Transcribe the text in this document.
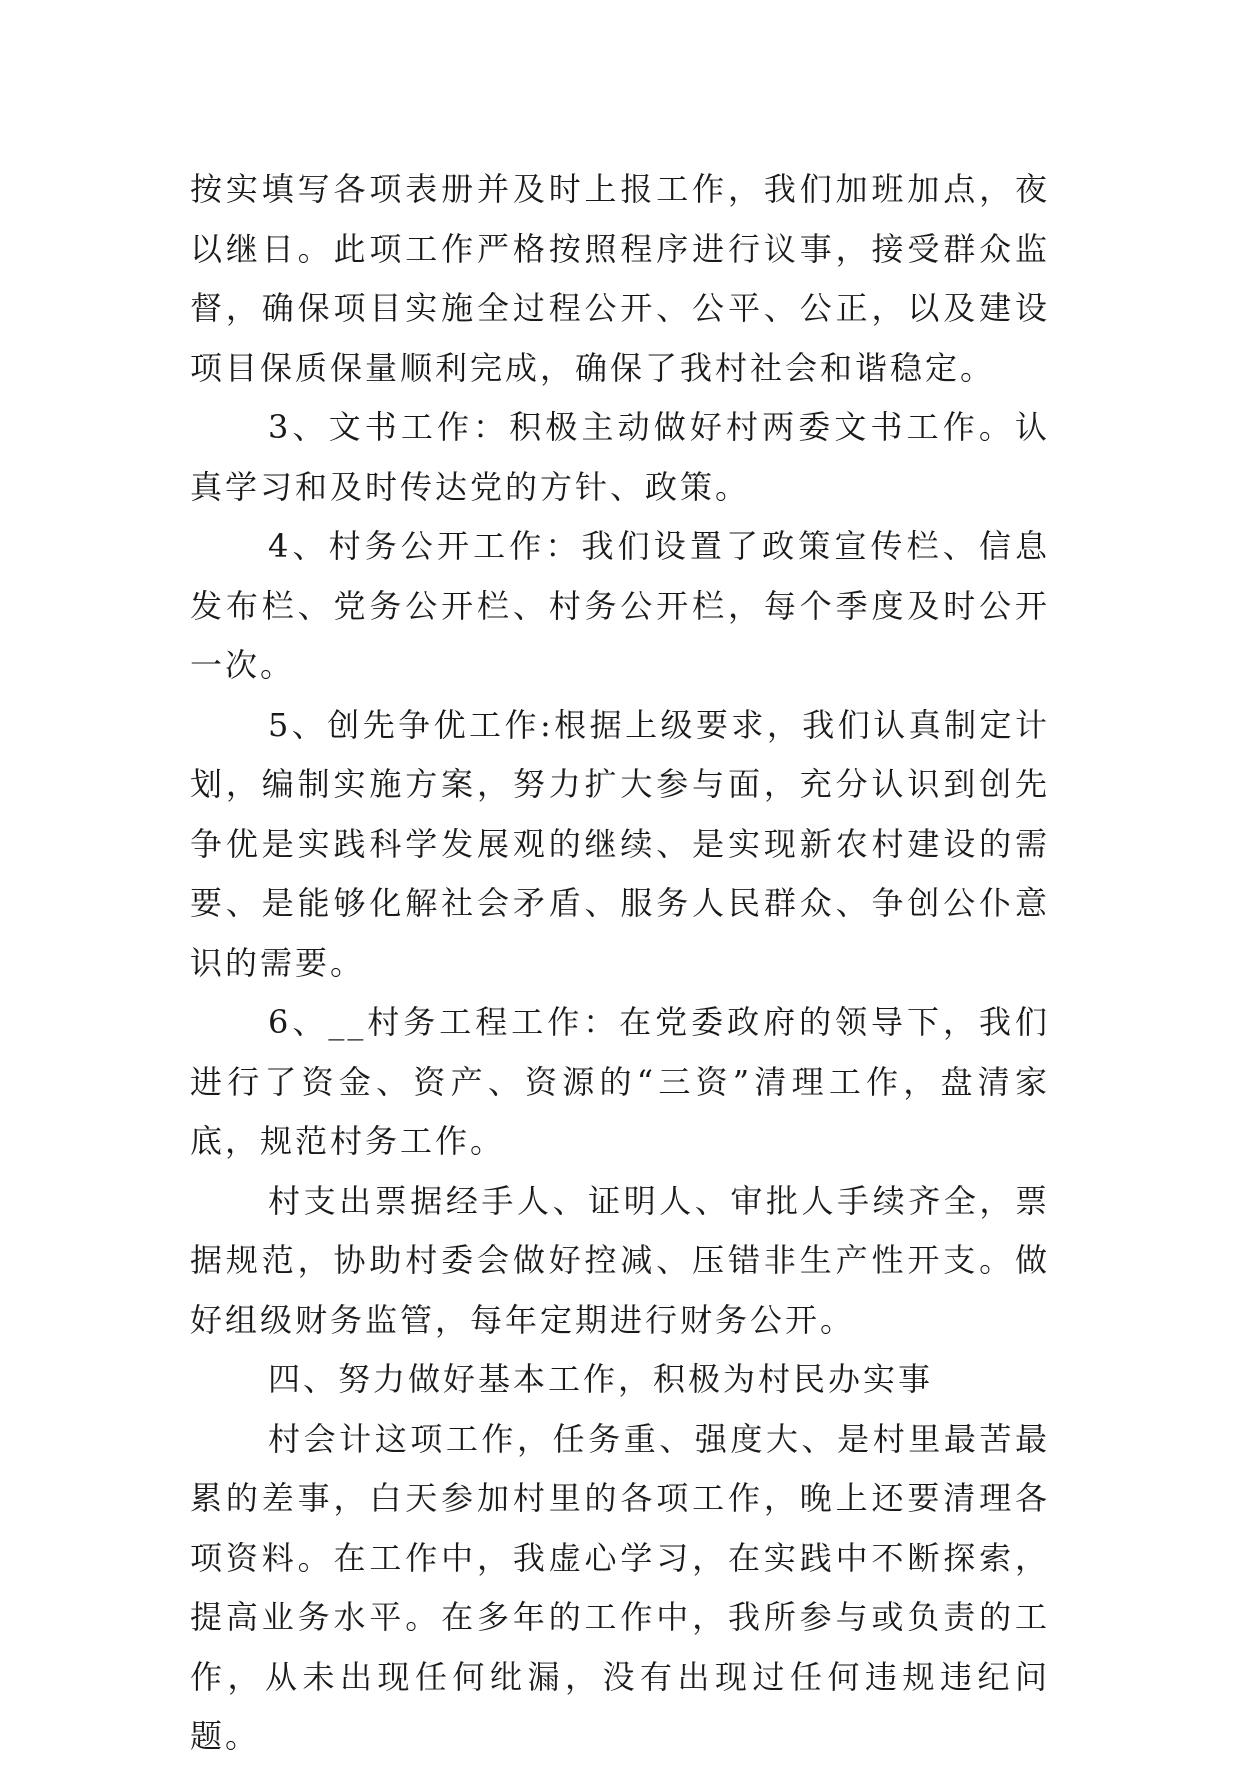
按实填写各项表册并及时上报工作，我们加班加点，夜以继日。此项工作严格按照程序进行议事，接受群众监督，确保项目实施全过程公开、公平、公正，以及建设项目保质保量顺利完成，确保了我村社会和谐稳定。

3、文书工作：积极主动做好村两委文书工作。认真学习和及时传达党的方针、政策。

4、村务公开工作：我们设置了政策宣传栏、信息发布栏、党务公开栏、村务公开栏，每个季度及时公开一次。

5、创先争优工作:根据上级要求，我们认真制定计划，编制实施方案，努力扩大参与面，充分认识到创先争优是实践科学发展观的继续、是实现新农村建设的需要、是能够化解社会矛盾、服务人民群众、争创公仆意识的需要。

6、__村务工程工作：在党委政府的领导下，我们进行了资金、资产、资源的“三资”清理工作，盘清家底，规范村务工作。

村支出票据经手人、证明人、审批人手续齐全，票据规范，协助村委会做好控减、压错非生产性开支。做好组级财务监管，每年定期进行财务公开。

四、努力做好基本工作，积极为村民办实事

村会计这项工作，任务重、强度大、是村里最苦最累的差事，白天参加村里的各项工作，晚上还要清理各项资料。在工作中，我虚心学习，在实践中不断探索，提高业务水平。在多年的工作中，我所参与或负责的工作，从未出现任何纰漏，没有出现过任何违规违纪问题。
